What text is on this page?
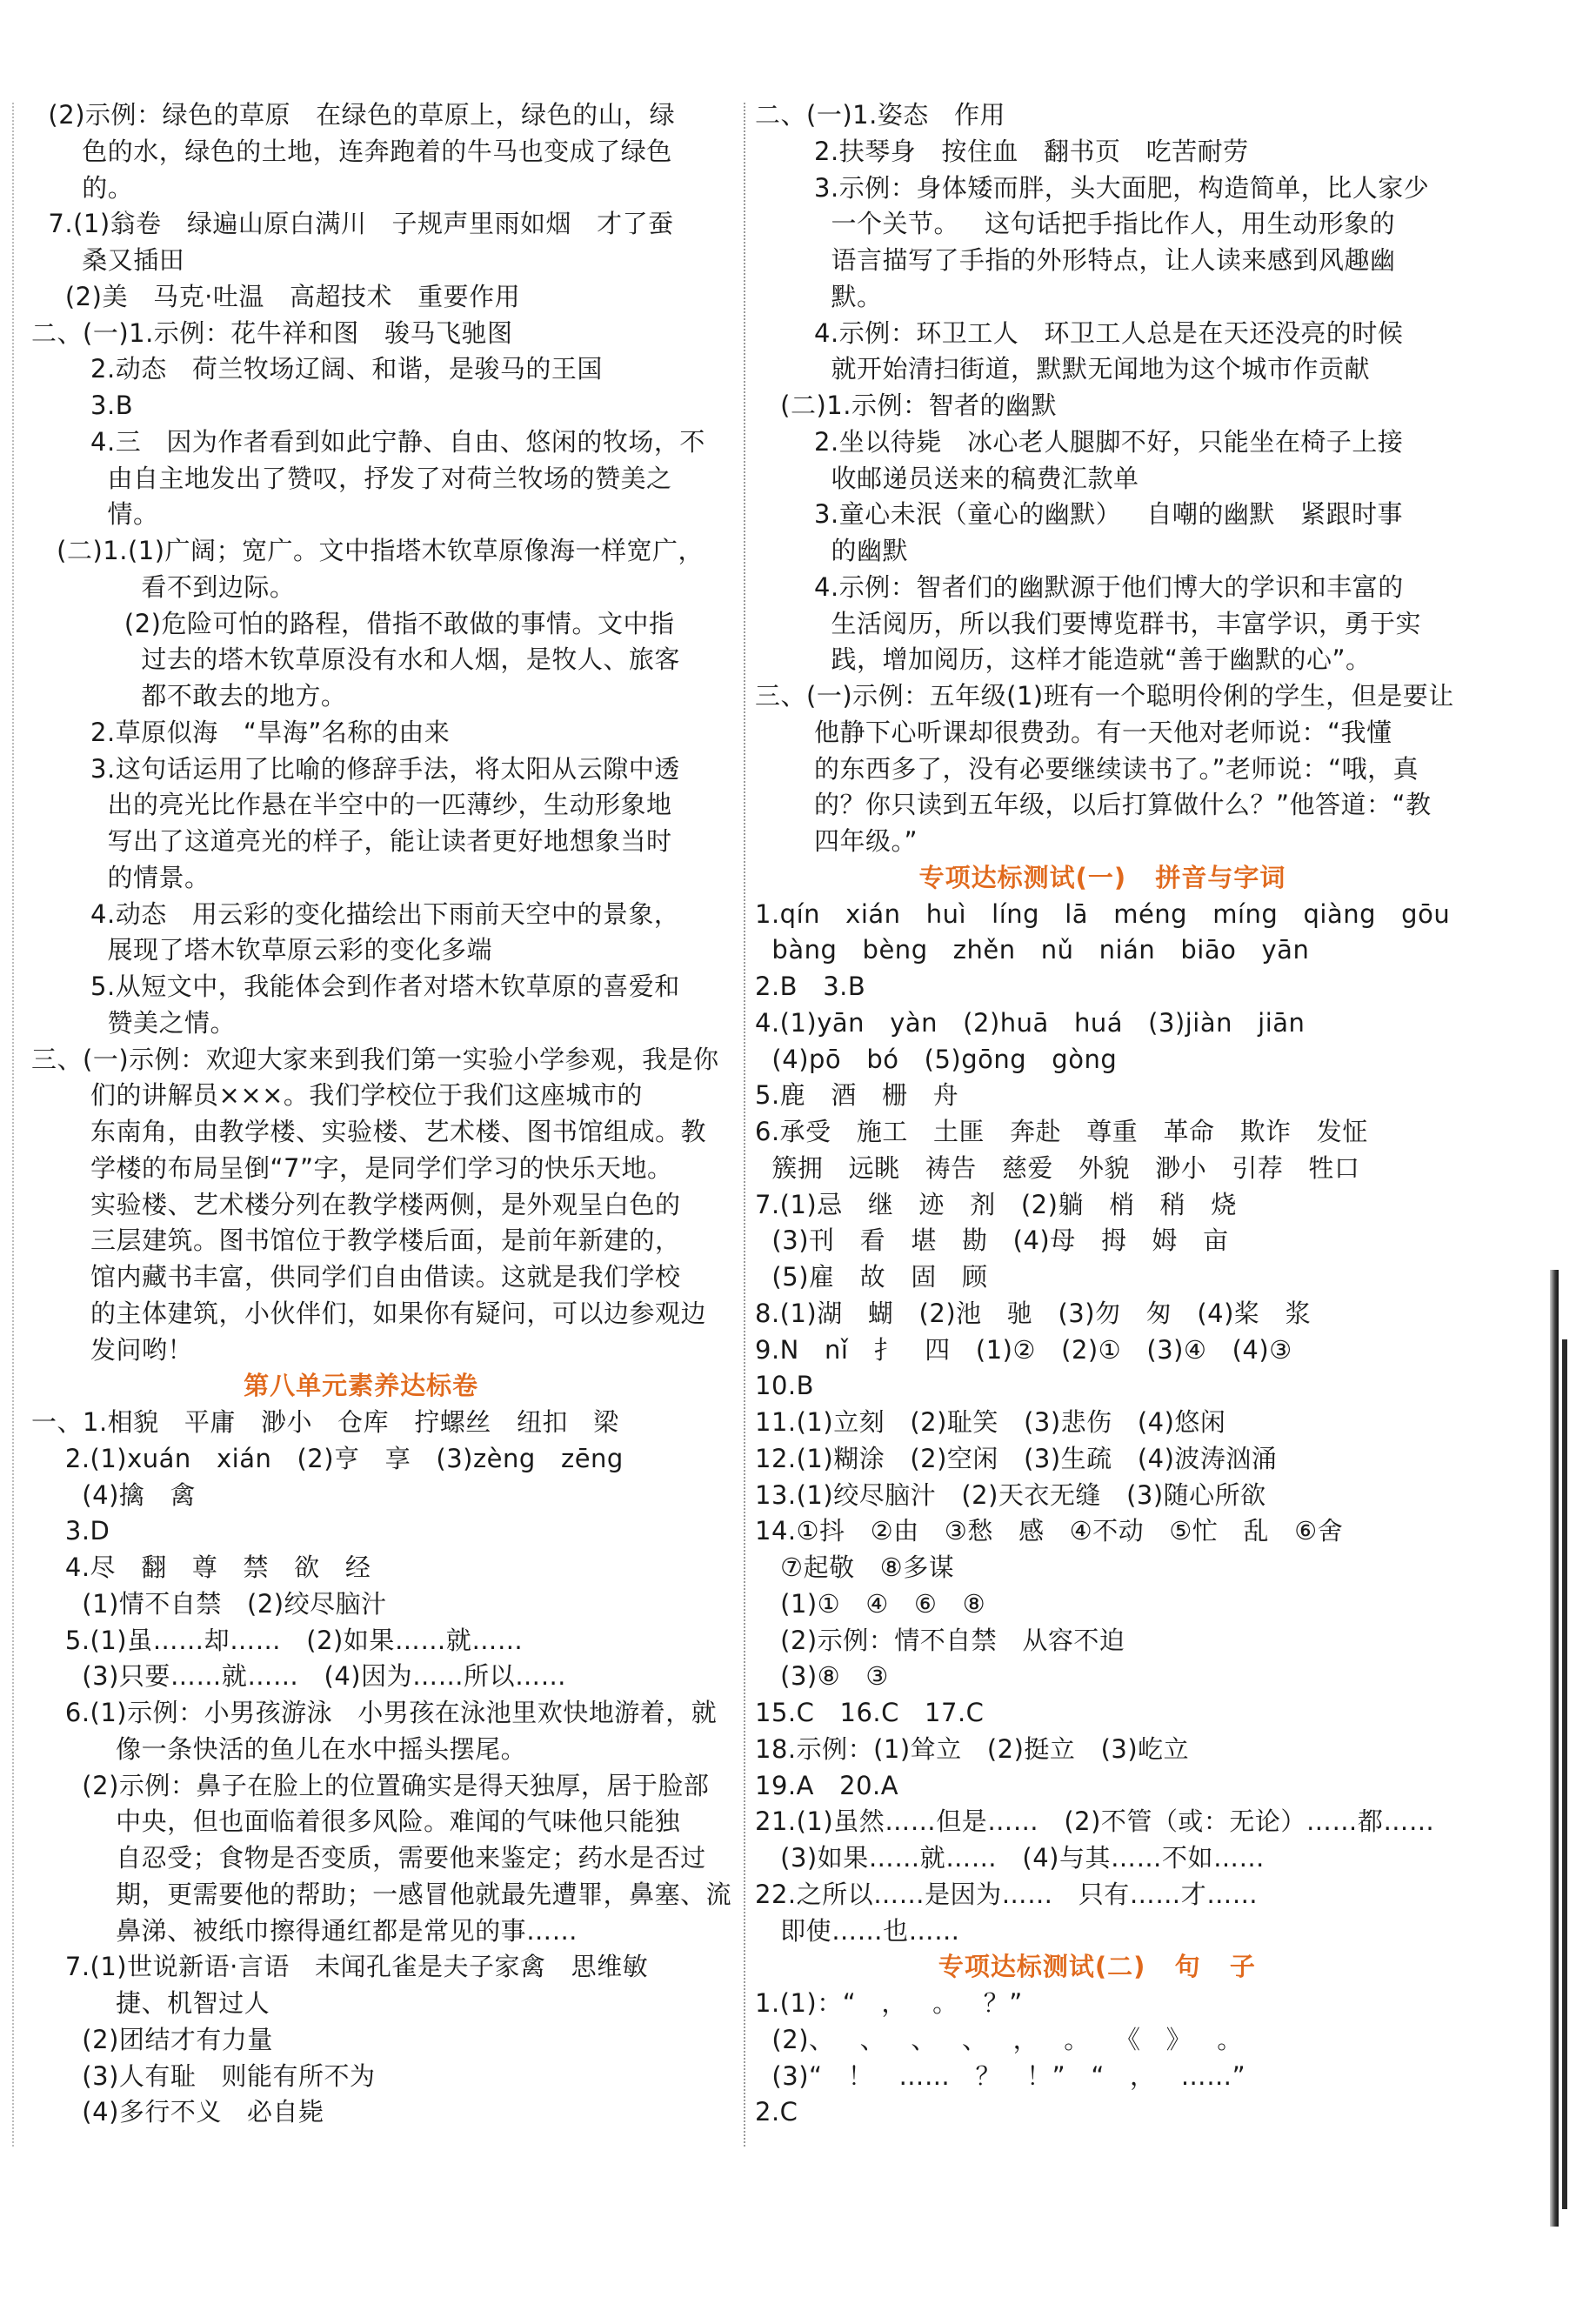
(2)示例：绿色的草原   在绿色的草原上，绿色的山，绿
色的水，绿色的土地，连奔跑着的牛马也变成了绿色
的。
7.(1)翁卷   绿遍山原白满川   子规声里雨如烟   才了蚕
桑又插田
(2)美   马克·吐温   高超技术   重要作用
二、(一)1.示例：花牛祥和图   骏马飞驰图
2.动态   荷兰牧场辽阔、和谐，是骏马的王国
3.B
4.三   因为作者看到如此宁静、自由、悠闲的牧场，不
由自主地发出了赞叹，抒发了对荷兰牧场的赞美之
情。
(二)1.(1)广阔；宽广。文中指塔木钦草原像海一样宽广，
看不到边际。
(2)危险可怕的路程，借指不敢做的事情。文中指
过去的塔木钦草原没有水和人烟，是牧人、旅客
都不敢去的地方。
2.草原似海   “旱海”名称的由来
3.这句话运用了比喻的修辞手法，将太阳从云隙中透
出的亮光比作悬在半空中的一匹薄纱，生动形象地
写出了这道亮光的样子，能让读者更好地想象当时
的情景。
4.动态   用云彩的变化描绘出下雨前天空中的景象，
展现了塔木钦草原云彩的变化多端
5.从短文中，我能体会到作者对塔木钦草原的喜爱和
赞美之情。
三、(一)示例：欢迎大家来到我们第一实验小学参观，我是你
们的讲解员×××。我们学校位于我们这座城市的
东南角，由教学楼、实验楼、艺术楼、图书馆组成。教
学楼的布局呈倒“7”字，是同学们学习的快乐天地。
实验楼、艺术楼分列在教学楼两侧，是外观呈白色的
三层建筑。图书馆位于教学楼后面，是前年新建的，
馆内藏书丰富，供同学们自由借读。这就是我们学校
的主体建筑，小伙伴们，如果你有疑问，可以边参观边
发问哟！
第八单元素养达标卷
一、1.相貌   平庸   渺小   仓库   拧螺丝   纽扣   梁
2.(1)xuán   xián   (2)亨   享   (3)zèng   zēng
(4)擒   禽
3.D
4.尽   翻   尊   禁   欲   经
(1)情不自禁   (2)绞尽脑汁
5.(1)虽……却……   (2)如果……就……
(3)只要……就……   (4)因为……所以……
6.(1)示例：小男孩游泳   小男孩在泳池里欢快地游着，就
像一条快活的鱼儿在水中摇头摆尾。
(2)示例：鼻子在脸上的位置确实是得天独厚，居于脸部
中央，但也面临着很多风险。难闻的气味他只能独
自忍受；食物是否变质，需要他来鉴定；药水是否过
期，更需要他的帮助；一感冒他就最先遭罪，鼻塞、流
鼻涕、被纸巾擦得通红都是常见的事……
7.(1)世说新语·言语   未闻孔雀是夫子家禽   思维敏
捷、机智过人
(2)团结才有力量
(3)人有耻   则能有所不为
(4)多行不义   必自毙
二、(一)1.姿态   作用
2.扶琴身   按住血   翻书页   吃苦耐劳
3.示例：身体矮而胖，头大面肥，构造简单，比人家少
一个关节。   这句话把手指比作人，用生动形象的
语言描写了手指的外形特点，让人读来感到风趣幽
默。
4.示例：环卫工人   环卫工人总是在天还没亮的时候
就开始清扫街道，默默无闻地为这个城市作贡献
(二)1.示例：智者的幽默
2.坐以待毙   冰心老人腿脚不好，只能坐在椅子上接
收邮递员送来的稿费汇款单
3.童心未泯（童心的幽默）   自嘲的幽默   紧跟时事
的幽默
4.示例：智者们的幽默源于他们博大的学识和丰富的
生活阅历，所以我们要博览群书，丰富学识，勇于实
践，增加阅历，这样才能造就“善于幽默的心”。
三、(一)示例：五年级(1)班有一个聪明伶俐的学生，但是要让
他静下心听课却很费劲。有一天他对老师说：“我懂
的东西多了，没有必要继续读书了。”老师说：“哦，真
的？你只读到五年级，以后打算做什么？”他答道：“教
四年级。”
专项达标测试(一)   拼音与字词
1.qín   xián   huì   líng   lā   méng   míng   qiàng   gōu
bàng   bèng   zhěn   nǔ   nián   biāo   yān
2.B   3.B
4.(1)yān   yàn   (2)huā   huá   (3)jiàn   jiān
(4)pō   bó   (5)gōng   gòng
5.鹿   酒   栅   舟
6.承受   施工   土匪   奔赴   尊重   革命   欺诈   发怔
簇拥   远眺   祷告   慈爱   外貌   渺小   引荐   牲口
7.(1)忌   继   迹   剂   (2)躺   梢   稍   烧
(3)刊   看   堪   勘   (4)母   拇   姆   亩
(5)雇   故   固   顾
8.(1)湖   蝴   (2)池   驰   (3)勿   匆   (4)桨   浆
9.N   nǐ   扌   四   (1)②   (2)①   (3)④   (4)③
10.B
11.(1)立刻   (2)耻笑   (3)悲伤   (4)悠闲
12.(1)糊涂   (2)空闲   (3)生疏   (4)波涛汹涌
13.(1)绞尽脑汁   (2)天衣无缝   (3)随心所欲
14.①抖   ②由   ③愁   感   ④不动   ⑤忙   乱   ⑥舍
⑦起敬   ⑧多谋
(1)①   ④   ⑥   ⑧
(2)示例：情不自禁   从容不迫
(3)⑧   ③
15.C   16.C   17.C
18.示例：(1)耸立   (2)挺立   (3)屹立
19.A   20.A
21.(1)虽然……但是……   (2)不管（或：无论）……都……
(3)如果……就……   (4)与其……不如……
22.之所以……是因为……   只有……才……
即使……也……
专项达标测试(二)   句   子
1.(1)：“   ，   。   ？”
(2)、   、   、   、   ，   。   《   》   。
(3)“   ！   ……   ？   ！”   “   ，   ……”
2.C
